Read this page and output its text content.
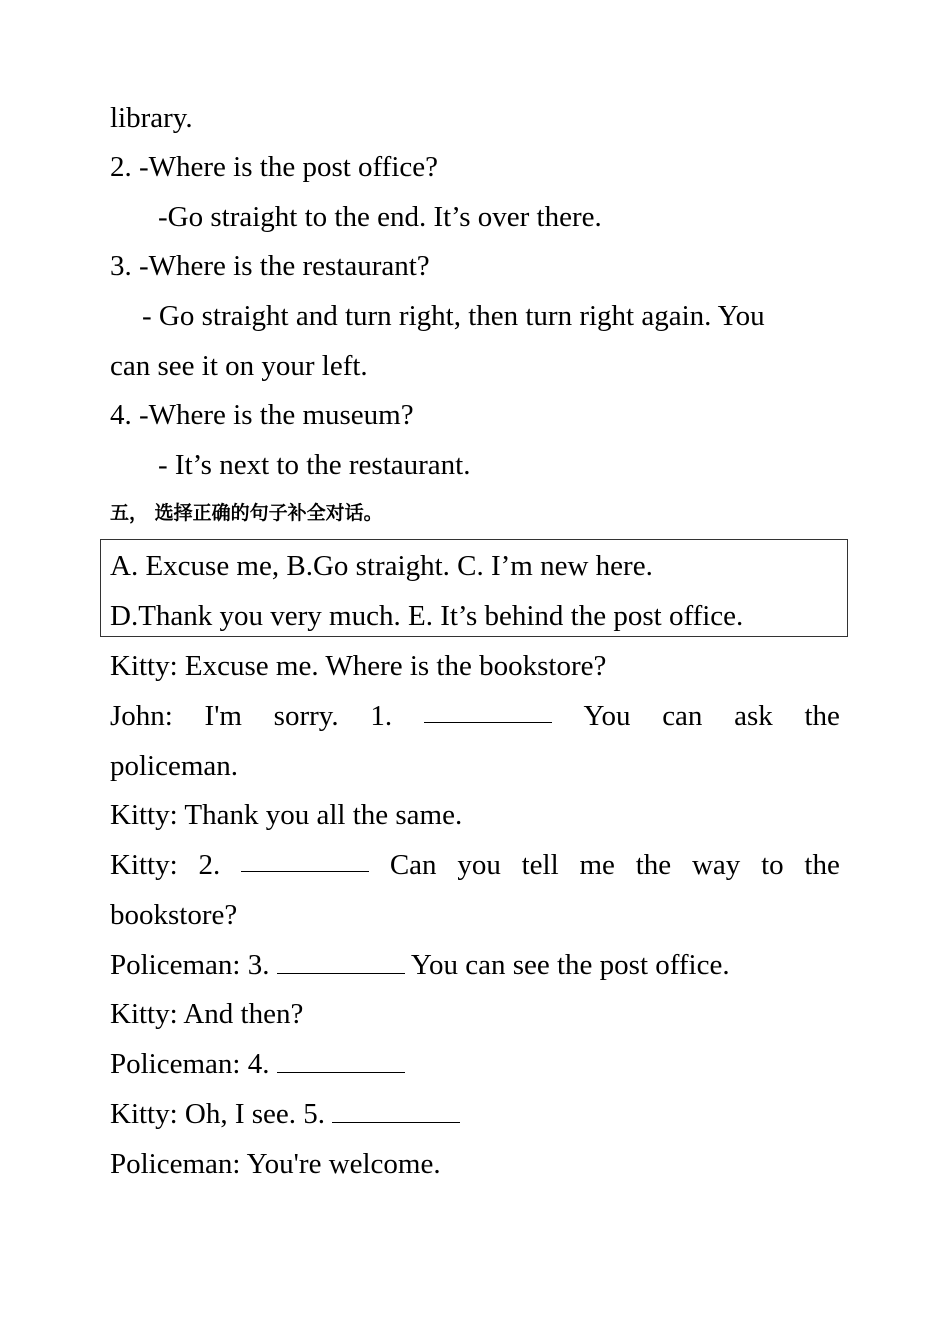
library.
2. -Where is the post office?
-Go straight to the end. It’s over there.
3. -Where is the restaurant?
- Go straight and turn right, then turn right again. You
can see it on your left.
4. -Where is the museum?
- It’s next to the restaurant.
五， 选择正确的句子补全对话。
A. Excuse me, B.Go straight. C. I’m new here.
D.Thank you very much. E. It’s behind the post office.
Kitty: Excuse me. Where is the bookstore?
John: I'm sorry. 1.	You can ask the
policeman.
Kitty: Thank you all the same.
Kitty: 2.	Can you tell me the way to the
bookstore?
Policeman: 3.	You can see the post office.
Kitty: And then?
Policeman: 4.
Kitty: Oh, I see. 5.
Policeman: You're welcome.
